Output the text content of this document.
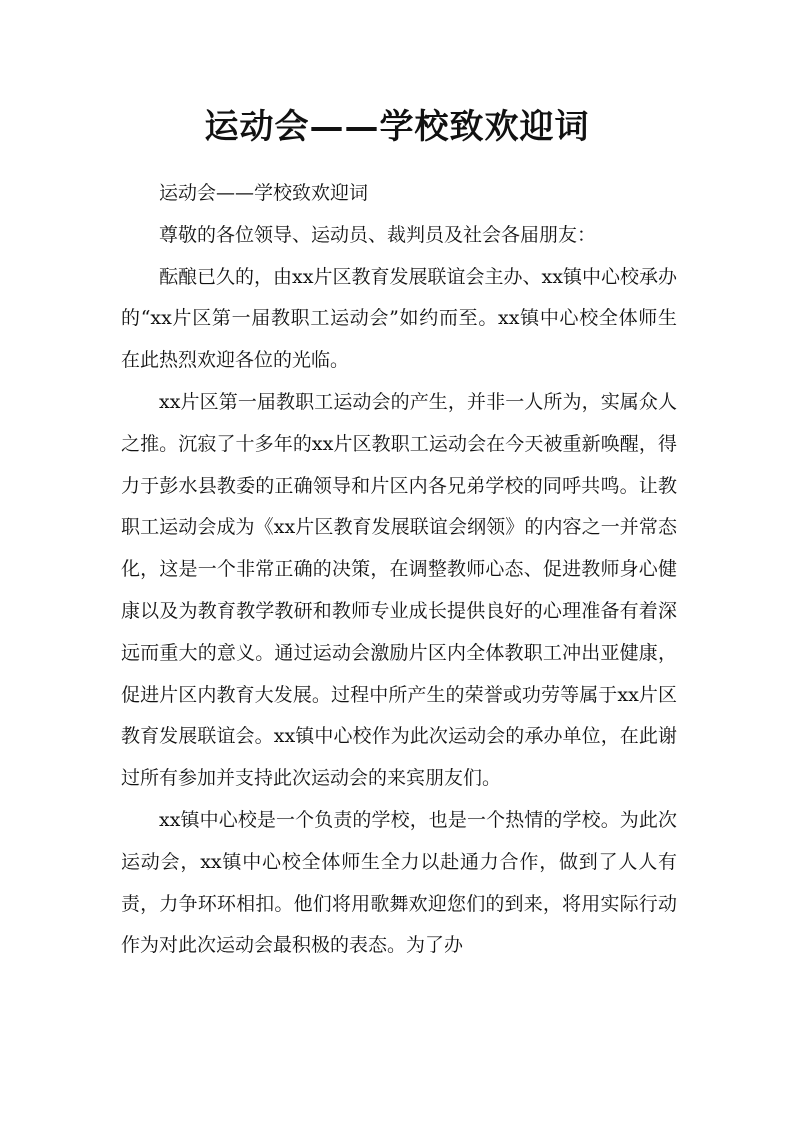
运动会——学校致欢迎词

运动会——学校致欢迎词

尊敬的各位领导、运动员、裁判员及社会各届朋友：

酝酿已久的，由xx片区教育发展联谊会主办、xx镇中心校承办的“xx片区第一届教职工运动会”如约而至。xx镇中心校全体师生在此热烈欢迎各位的光临。

xx片区第一届教职工运动会的产生，并非一人所为，实属众人之推。沉寂了十多年的xx片区教职工运动会在今天被重新唤醒，得力于彭水县教委的正确领导和片区内各兄弟学校的同呼共鸣。让教职工运动会成为《xx片区教育发展联谊会纲领》的内容之一并常态化，这是一个非常正确的决策，在调整教师心态、促进教师身心健康以及为教育教学教研和教师专业成长提供良好的心理准备有着深远而重大的意义。通过运动会激励片区内全体教职工冲出亚健康，促进片区内教育大发展。过程中所产生的荣誉或功劳等属于xx片区教育发展联谊会。xx镇中心校作为此次运动会的承办单位，在此谢过所有参加并支持此次运动会的来宾朋友们。

xx镇中心校是一个负责的学校，也是一个热情的学校。为此次运动会，xx镇中心校全体师生全力以赴通力合作，做到了人人有责，力争环环相扣。他们将用歌舞欢迎您们的到来，将用实际行动作为对此次运动会最积极的表态。为了办
